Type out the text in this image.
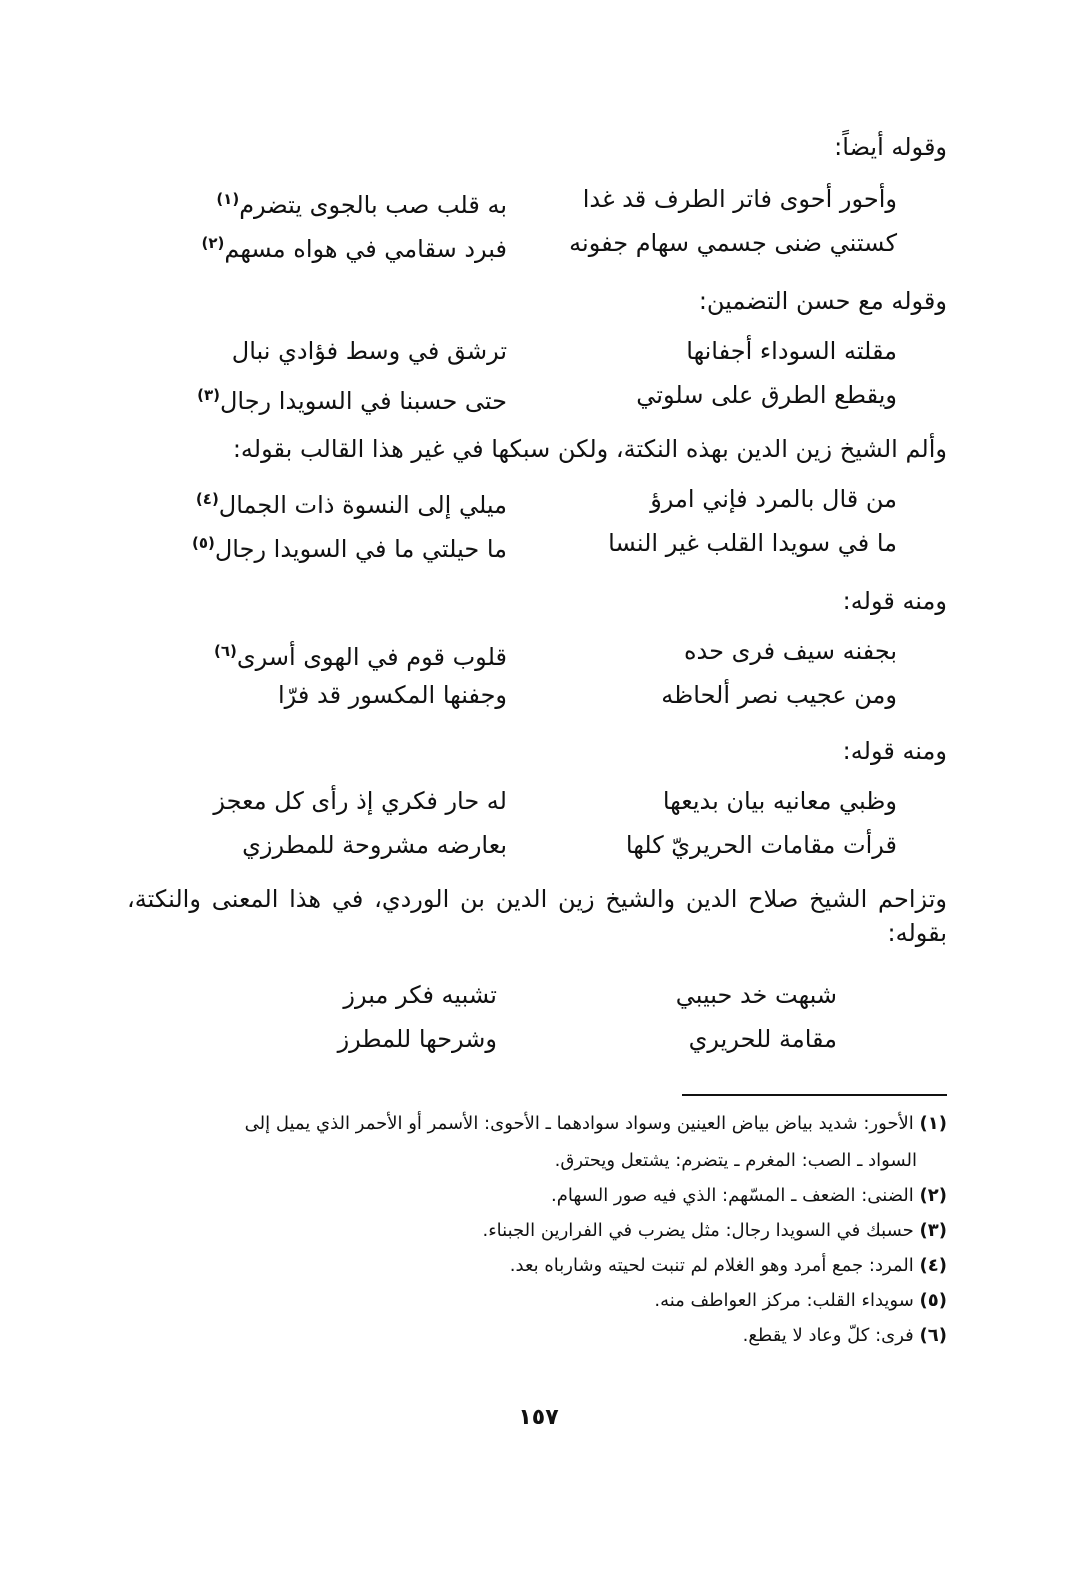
وقوله أيضاً:
وأحور أحوى فاتر الطرف قد غدا
به قلب صب بالجوى يتضرم$^{(١)}$
كستني ضنى جسمي سهام جفونه
فبرد سقامي في هواه مسهم$^{(٢)}$
وقوله مع حسن التضمين:
مقلته السوداء أجفانها
ترشق في وسط فؤادي نبال
ويقطع الطرق على سلوتي
حتى حسبنا في السويدا رجال$^{(٣)}$
وألم الشيخ زين الدين بهذه النكتة، ولكن سبكها في غير هذا القالب بقوله:
من قال بالمرد فإني امرؤ
ميلي إلى النسوة ذات الجمال$^{(٤)}$
ما في سويدا القلب غير النسا
ما حيلتي ما في السويدا رجال$^{(٥)}$
ومنه قوله:
بجفنه سيف فرى حده
قلوب قوم في الهوى أسرى$^{(٦)}$
ومن عجيب نصر ألحاظه
وجفنها المكسور قد فرّا
ومنه قوله:
وظبي معانيه بيان بديعها
له حار فكري إذ رأى كل معجز
قرأت مقامات الحريريّ كلها
بعارضه مشروحة للمطرزي
وتزاحم الشيخ صلاح الدين والشيخ زين الدين بن الوردي، في هذا المعنى والنكتة، بقوله:
شبهت خد حبيبي
تشبيه فكر مبرز
مقامة للحريري
وشرحها للمطرز
(١) الأحور: شديد بياض بياض العينين وسواد سوادهما ـ الأحوى: الأسمر أو الأحمر الذي يميل إلى
السواد ـ الصب: المغرم ـ يتضرم: يشتعل ويحترق.
(٢) الضنى: الضعف ـ المسّهم: الذي فيه صور السهام.
(٣) حسبك في السويدا رجال: مثل يضرب في الفرارين الجبناء.
(٤) المرد: جمع أمرد وهو الغلام لم تنبت لحيته وشارباه بعد.
(٥) سويداء القلب: مركز العواطف منه.
(٦) فرى: كلّ وعاد لا يقطع.
١٥٧
